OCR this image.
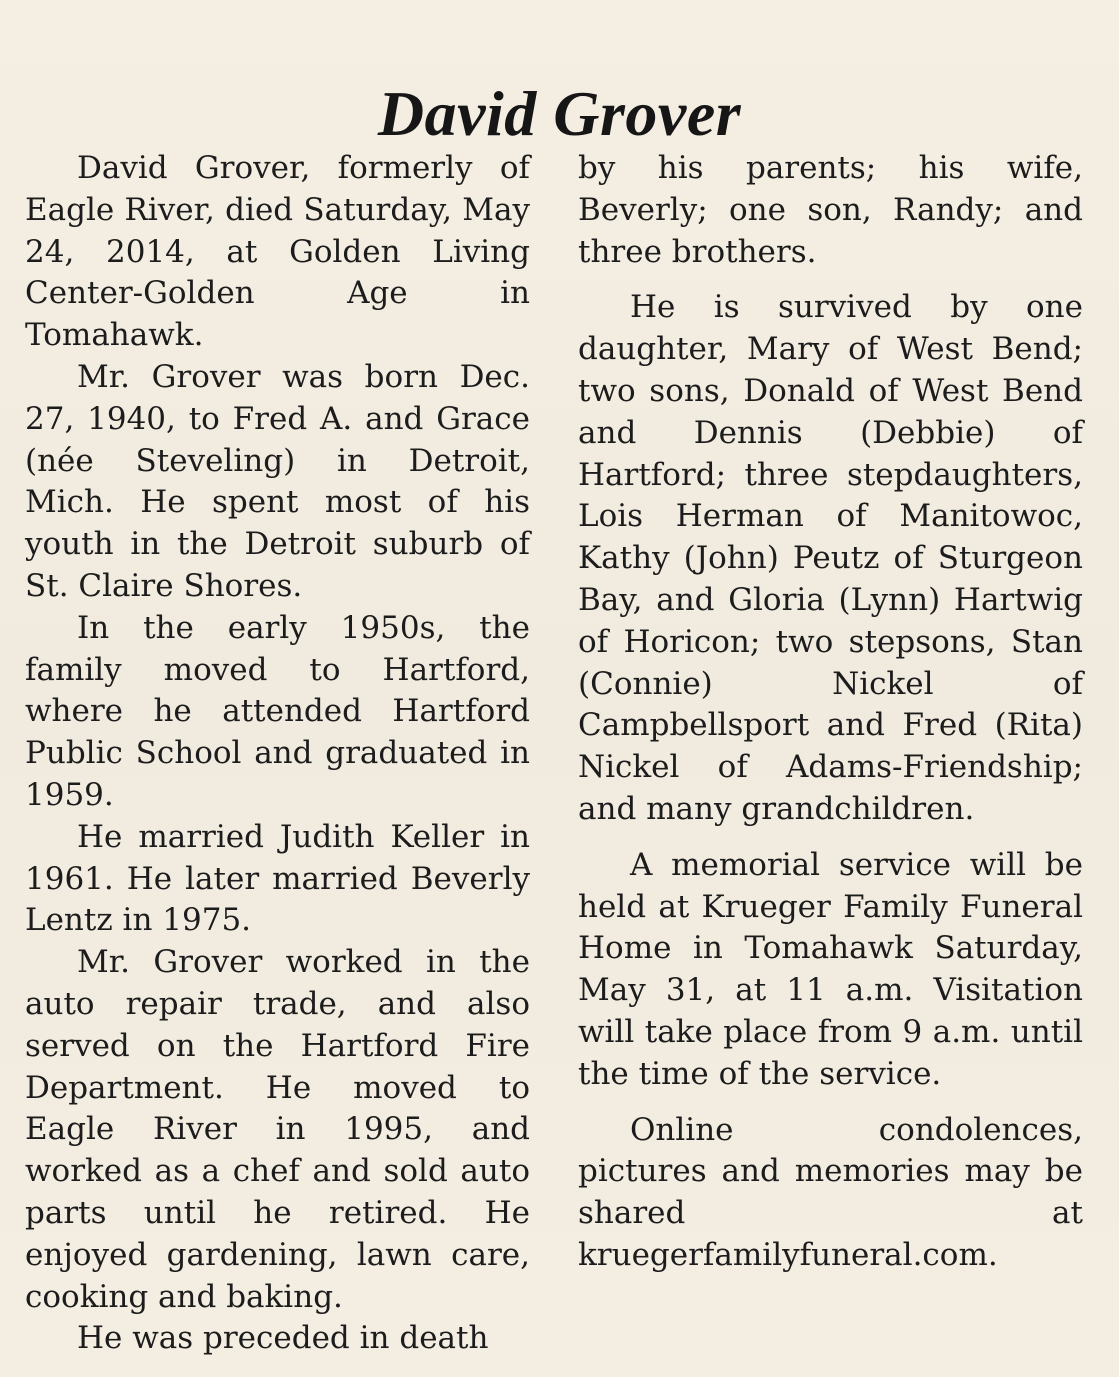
David Grover

David Grover, formerly of Eagle River, died Saturday, May 24, 2014, at Golden Living Center-Golden Age in Tomahawk.

Mr. Grover was born Dec. 27, 1940, to Fred A. and Grace (née Steveling) in Detroit, Mich. He spent most of his youth in the Detroit suburb of St. Claire Shores.

In the early 1950s, the family moved to Hartford, where he attended Hartford Public School and graduated in 1959.

He married Judith Keller in 1961. He later married Beverly Lentz in 1975.

Mr. Grover worked in the auto repair trade, and also served on the Hartford Fire Department. He moved to Eagle River in 1995, and worked as a chef and sold auto parts until he retired. He enjoyed gardening, lawn care, cooking and baking.

He was preceded in death

by his parents; his wife, Beverly; one son, Randy; and three brothers.

He is survived by one daughter, Mary of West Bend; two sons, Donald of West Bend and Dennis (Debbie) of Hartford; three stepdaughters, Lois Herman of Manitowoc, Kathy (John) Peutz of Sturgeon Bay, and Gloria (Lynn) Hartwig of Horicon; two stepsons, Stan (Connie) Nickel of Campbellsport and Fred (Rita) Nickel of Adams-Friendship; and many grandchildren.

A memorial service will be held at Krueger Family Funeral Home in Tomahawk Saturday, May 31, at 11 a.m. Visitation will take place from 9 a.m. until the time of the service.

Online condolences, pictures and memories may be shared at kruegerfamilyfuneral.com.
